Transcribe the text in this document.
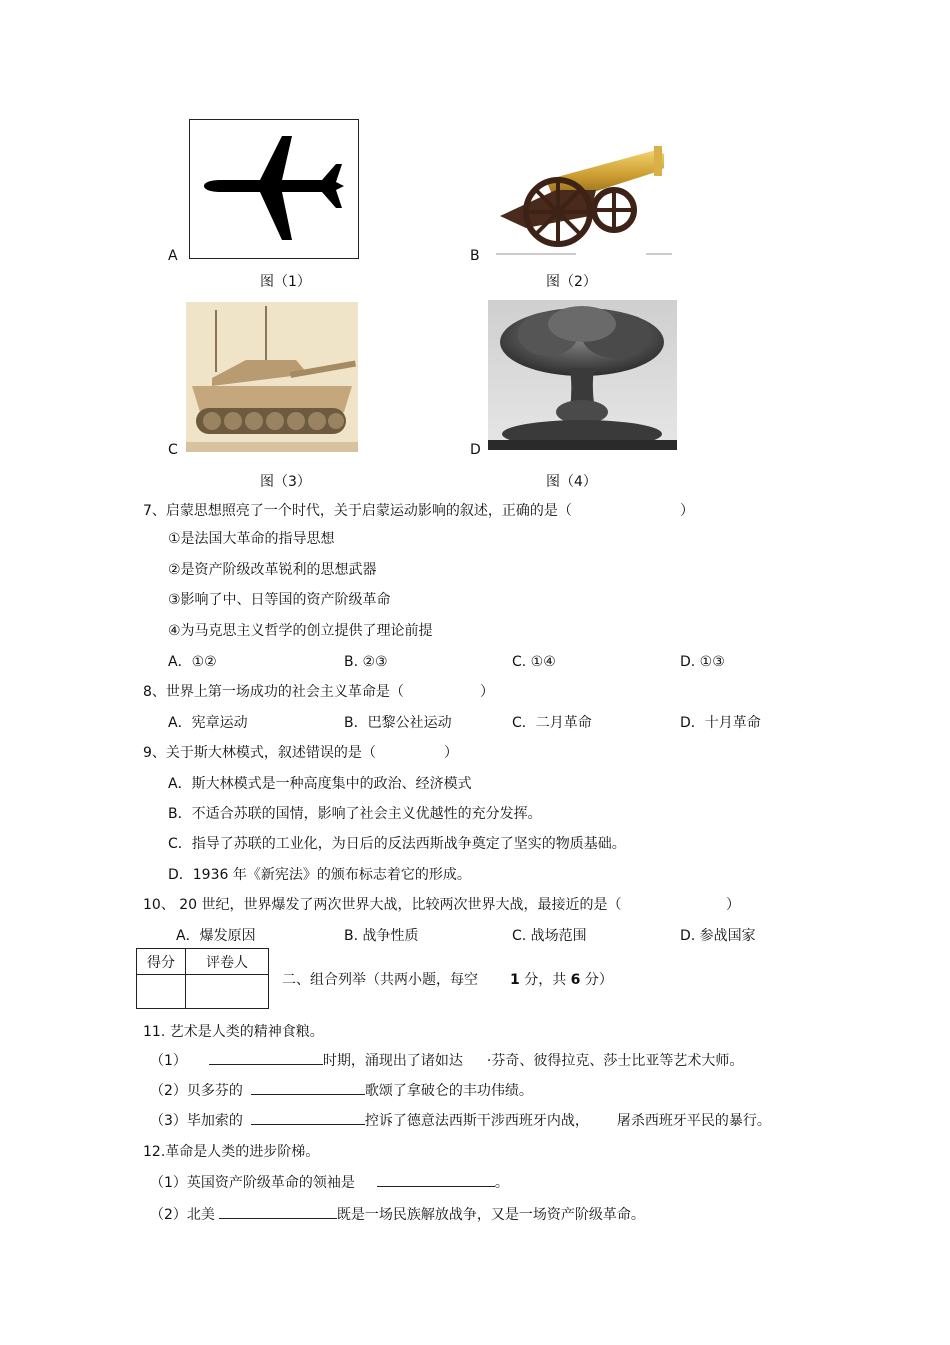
A
图（1）
B
图（2）
C
图（3）
D
图（4）
7、启蒙思想照亮了一个时代，关于启蒙运动影响的叙述，正确的是（	）
①是法国大革命的指导思想
②是资产阶级改革锐利的思想武器
③影响了中、日等国的资产阶级革命
④为马克思主义哲学的创立提供了理论前提
A．①②	B. ②③	C. ①④	D. ①③
8、世界上第一场成功的社会主义革命是（	）
A．宪章运动	B．巴黎公社运动	C．二月革命	D．十月革命
9、关于斯大林模式，叙述错误的是（	）
A．斯大林模式是一种高度集中的政治、经济模式
B．不适合苏联的国情，影响了社会主义优越性的充分发挥。
C．指导了苏联的工业化，为日后的反法西斯战争奠定了坚实的物质基础。
D．1936 年《新宪法》的颁布标志着它的形成。
10、 20 世纪，世界爆发了两次世界大战，比较两次世界大战，最接近的是（	）
A．爆发原因	B. 战争性质	C. 战场范围	D. 参战国家
得分	评卷人

二、组合列举（共两小题，每空 1 分，共 6 分）
11. 艺术是人类的精神食粮。
（1）	时期，涌现出了诸如达 ·芬奇、彼得拉克、莎士比亚等艺术大师。
（2）贝多芬的	歌颂了拿破仑的丰功伟绩。
（3）毕加索的	控诉了德意法西斯干涉西班牙内战， 屠杀西班牙平民的暴行。
12.革命是人类的进步阶梯。
（1）英国资产阶级革命的领袖是	。
（2）北美	既是一场民族解放战争，又是一场资产阶级革命。
